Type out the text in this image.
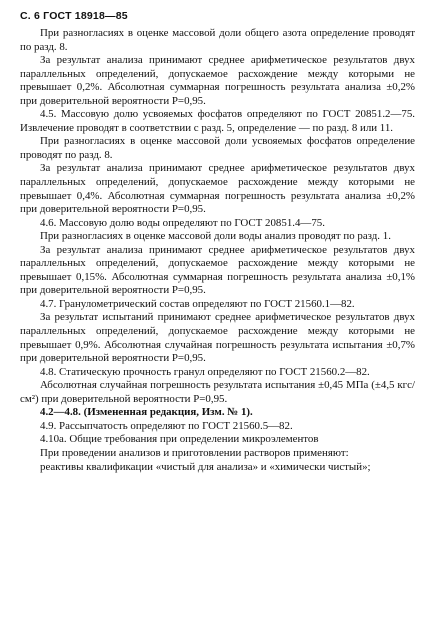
С. 6 ГОСТ 18918—85

При разногласиях в оценке массовой доли общего азота определение проводят по разд. 8.

За результат анализа принимают среднее арифметическое результатов двух параллельных определений, допускаемое расхождение между которыми не превышает 0,2%. Абсолютная суммарная погрешность результата анализа ±0,2% при доверительной вероятности P=0,95.

4.5. Массовую долю усвояемых фосфатов определяют по ГОСТ 20851.2—75. Извлечение проводят в соответствии с разд. 5, определение — по разд. 8 или 11.

При разногласиях в оценке массовой доли усвояемых фосфатов определение проводят по разд. 8.

За результат анализа принимают среднее арифметическое результатов двух параллельных определений, допускаемое расхождение между которыми не превышает 0,4%. Абсолютная суммарная погрешность результата анализа ±0,2% при доверительной вероятности P=0,95.

4.6. Массовую долю воды определяют по ГОСТ 20851.4—75.

При разногласиях в оценке массовой доли воды анализ проводят по разд. 1.

За результат анализа принимают среднее арифметическое результатов двух параллельных определений, допускаемое расхождение между которыми не превышает 0,15%. Абсолютная суммарная погрешность результата анализа ±0,1% при доверительной вероятности P=0,95.

4.7. Гранулометрический состав определяют по ГОСТ 21560.1—82.

За результат испытаний принимают среднее арифметическое результатов двух параллельных определений, допускаемое расхождение между которыми не превышает 0,9%. Абсолютная случайная погрешность результата испытания ±0,7% при доверительной вероятности P=0,95.

4.8. Статическую прочность гранул определяют по ГОСТ 21560.2—82.

Абсолютная случайная погрешность результата испытания ±0,45 МПа (±4,5 кгс/см²) при доверительной вероятности P=0,95.

4.2—4.8. (Измененная редакция, Изм. № 1).

4.9. Рассыпчатость определяют по ГОСТ 21560.5—82.

4.10а. Общие требования при определении микроэлементов

При проведении анализов и приготовлении растворов применяют:

реактивы квалификации «чистый для анализа» и «химически чистый»;
